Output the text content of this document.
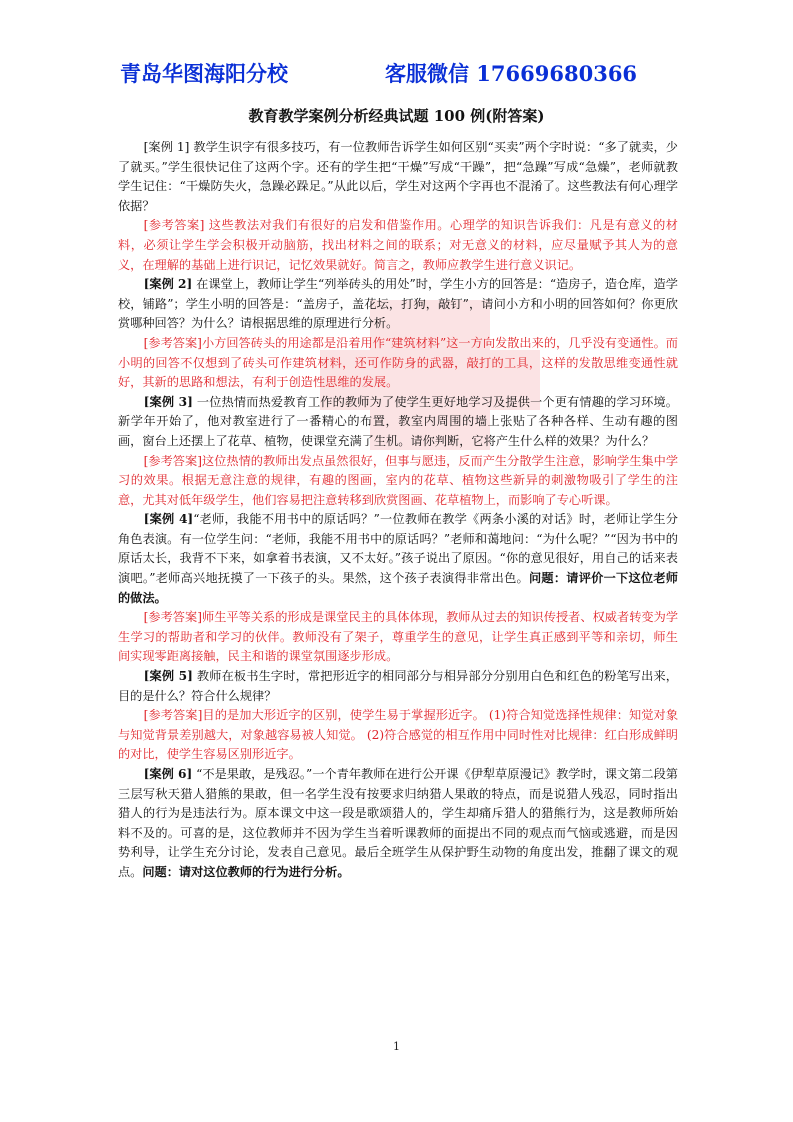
青岛华图海阳分校	客服微信 17669680366
教育教学案例分析经典试题 100 例(附答案)

[案例 1] 教学生识字有很多技巧，有一位教师告诉学生如何区别“买卖”两个字时说：“多了就卖，少了就买。”学生很快记住了这两个字。还有的学生把“干燥”写成“干躁”，把“急躁”写成“急燥”，老师就教学生记住：“干燥防失火，急躁必跺足。”从此以后，学生对这两个字再也不混淆了。这些教法有何心理学依据？

[参考答案] 这些教法对我们有很好的启发和借鉴作用。心理学的知识告诉我们：凡是有意义的材料，必须让学生学会积极开动脑筋，找出材料之间的联系；对无意义的材料，应尽量赋予其人为的意义，在理解的基础上进行识记，记忆效果就好。简言之，教师应教学生进行意义识记。

[案例 2] 在课堂上，教师让学生“列举砖头的用处”时，学生小方的回答是：“造房子，造仓库，造学校，铺路”；学生小明的回答是：“盖房子，盖花坛，打狗，敲钉”，请问小方和小明的回答如何？你更欣赏哪种回答？为什么？请根据思维的原理进行分析。

[参考答案]小方回答砖头的用途都是沿着用作“建筑材料”这一方向发散出来的，几乎没有变通性。而小明的回答不仅想到了砖头可作建筑材料，还可作防身的武器，敲打的工具，这样的发散思维变通性就好，其新的思路和想法，有利于创造性思维的发展。

[案例 3] 一位热情而热爱教育工作的教师为了使学生更好地学习及提供一个更有情趣的学习环境。新学年开始了，他对教室进行了一番精心的布置，教室内周围的墙上张贴了各种各样、生动有趣的图画，窗台上还摆上了花草、植物，使课堂充满了生机。请你判断，它将产生什么样的效果？为什么？

[参考答案]这位热情的教师出发点虽然很好，但事与愿违，反而产生分散学生注意，影响学生集中学习的效果。根据无意注意的规律，有趣的图画，室内的花草、植物这些新异的刺激物吸引了学生的注意，尤其对低年级学生，他们容易把注意转移到欣赏图画、花草植物上，而影响了专心听课。

[案例 4]“老师，我能不用书中的原话吗？”一位教师在教学《两条小溪的对话》时，老师让学生分角色表演。有一位学生问：“老师，我能不用书中的原话吗？”老师和蔼地问：“为什么呢？”“因为书中的原话太长，我背不下来，如拿着书表演，又不太好。”孩子说出了原因。“你的意见很好，用自己的话来表演吧。”老师高兴地抚摸了一下孩子的头。果然，这个孩子表演得非常出色。问题：请评价一下这位老师的做法。

[参考答案]师生平等关系的形成是课堂民主的具体体现，教师从过去的知识传授者、权威者转变为学生学习的帮助者和学习的伙伴。教师没有了架子，尊重学生的意见，让学生真正感到平等和亲切，师生间实现零距离接触，民主和谐的课堂氛围逐步形成。

[案例 5] 教师在板书生字时，常把形近字的相同部分与相异部分分别用白色和红色的粉笔写出来，目的是什么？符合什么规律？

[参考答案]目的是加大形近字的区别，使学生易于掌握形近字。 (1)符合知觉选择性规律：知觉对象与知觉背景差别越大，对象越容易被人知觉。 (2)符合感觉的相互作用中同时性对比规律：红白形成鲜明的对比，使学生容易区别形近字。

[案例 6] “不是果敢，是残忍。”一个青年教师在进行公开课《伊犁草原漫记》教学时，课文第二段第三层写秋天猎人猎熊的果敢，但一名学生没有按要求归纳猎人果敢的特点，而是说猎人残忍，同时指出猎人的行为是违法行为。原本课文中这一段是歌颂猎人的，学生却痛斥猎人的猎熊行为，这是教师所始料不及的。可喜的是，这位教师并不因为学生当着听课教师的面提出不同的观点而气恼或逃避，而是因势利导，让学生充分讨论，发表自己意见。最后全班学生从保护野生动物的角度出发，推翻了课文的观点。问题：请对这位教师的行为进行分析。

1
